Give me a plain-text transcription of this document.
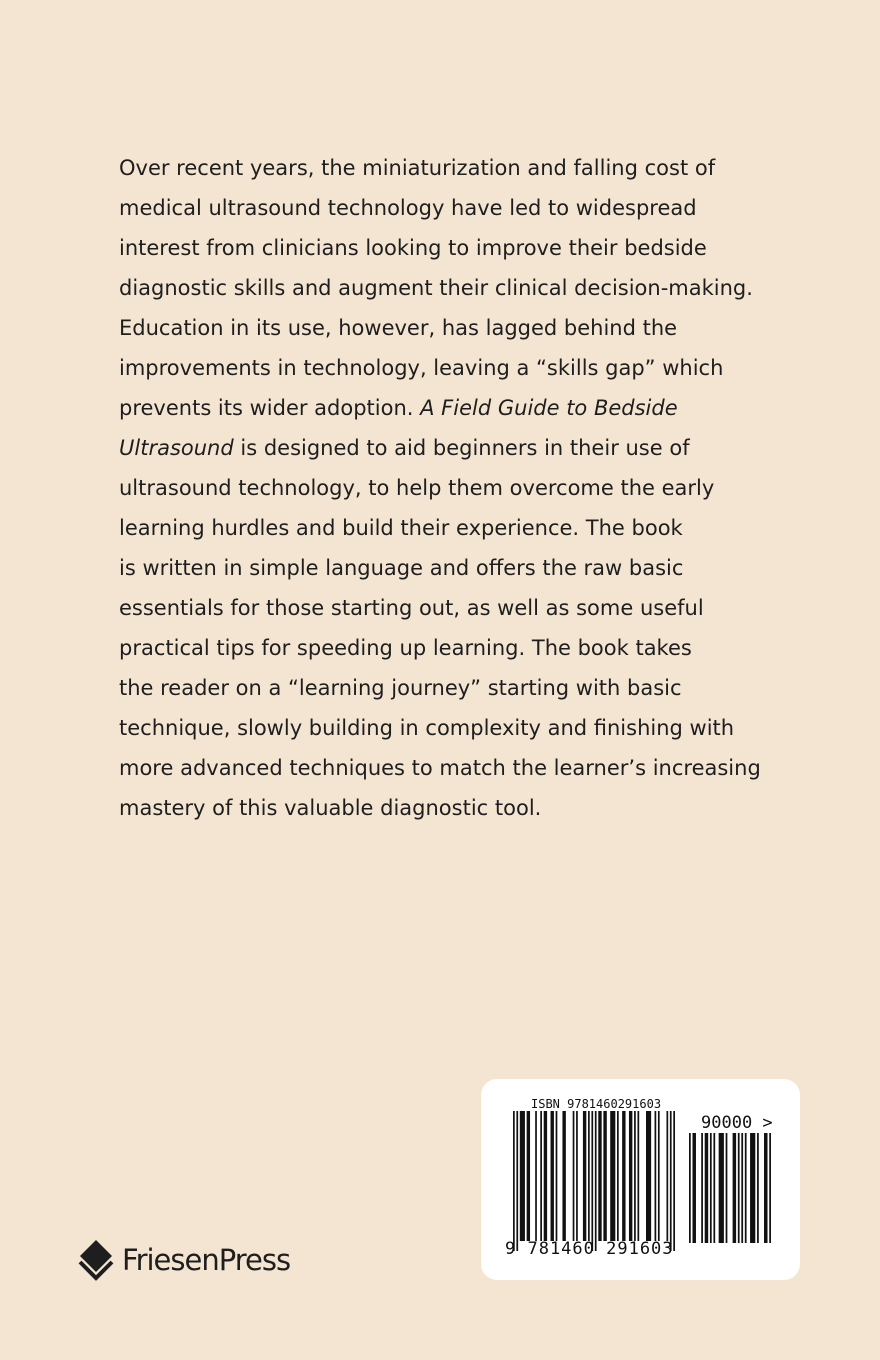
Over recent years, the miniaturization and falling cost of
medical ultrasound technology have led to widespread
interest from clinicians looking to improve their bedside
diagnostic skills and augment their clinical decision-making.
Education in its use, however, has lagged behind the
improvements in technology, leaving a “skills gap” which
prevents its wider adoption. A Field Guide to Bedside
Ultrasound is designed to aid beginners in their use of
ultrasound technology, to help them overcome the early
learning hurdles and build their experience. The book
is written in simple language and offers the raw basic
essentials for those starting out, as well as some useful
practical tips for speeding up learning. The book takes
the reader on a “learning journey” starting with basic
technique, slowly building in complexity and finishing with
more advanced techniques to match the learner’s increasing
mastery of this valuable diagnostic tool.
FriesenPress
ISBN 9781460291603
90000 >
9 781460 291603
